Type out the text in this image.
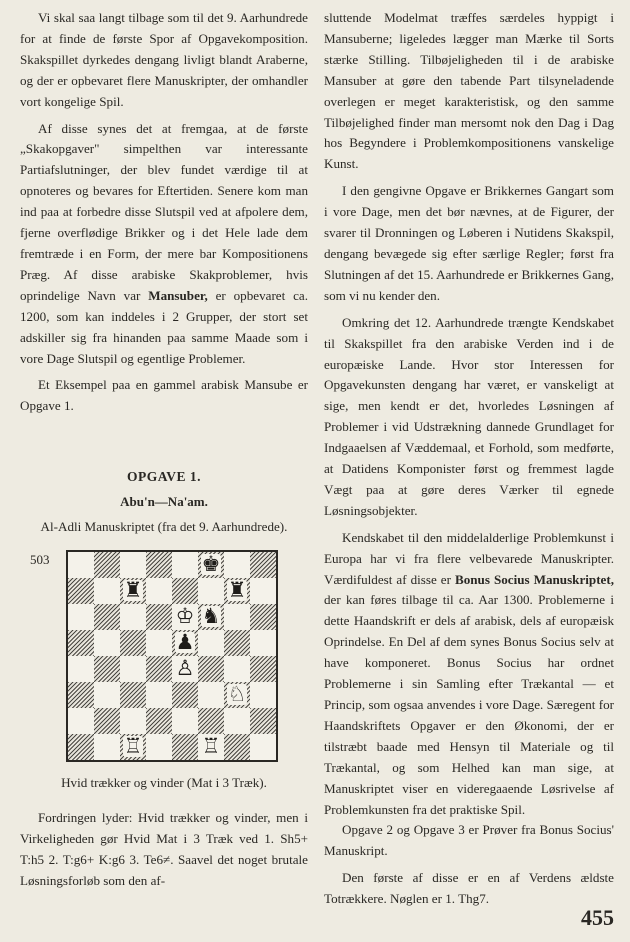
Vi skal saa langt tilbage som til det 9. Aarhundrede for at finde de første Spor af Opgavekomposition. Skakspillet dyrkedes dengang livligt blandt Araberne, og der er opbevaret flere Manuskripter, der omhandler vort kongelige Spil.

Af disse synes det at fremgaa, at de første „Skakopgaver" simpelthen var interessante Partiafslutninger, der blev fundet værdige til at opnoteres og bevares for Eftertiden. Senere kom man ind paa at forbedre disse Slutspil ved at afpolere dem, fjerne overflødige Brikker og i det Hele lade dem fremtræde i en Form, der mere bar Kompositionens Præg. Af disse arabiske Skakproblemer, hvis oprindelige Navn var Mansuber, er opbevaret ca. 1200, som kan inddeles i 2 Grupper, der stort set adskiller sig fra hinanden paa samme Maade som i vore Dage Slutspil og egentlige Problemer.

Et Eksempel paa en gammel arabisk Mansube er Opgave 1.

OPGAVE 1.
Abu'n—Na'am.
Al-Adli Manuskriptet (fra det 9. Aarhundrede).
503	♚
♜	♜
♔ ♞
♟
♙
♘
♖	♖

Hvid trækker og vinder (Mat i 3 Træk).

Fordringen lyder: Hvid trækker og vinder, men i Virkeligheden gør Hvid Mat i 3 Træk ved 1. Sh5+ T:h5 2. T:g6+ K:g6 3. Te6≠. Saavel det noget brutale Løsningsforløb som den af-

sluttende Modelmat træffes særdeles hyppigt i Mansuberne; ligeledes lægger man Mærke til Sorts stærke Stilling. Tilbøjeligheden til i de arabiske Mansuber at gøre den tabende Part tilsyneladende overlegen er meget karakteristisk, og den samme Tilbøjelighed finder man mersomt nok den Dag i Dag hos Begyndere i Problemkompositionens vanskelige Kunst.

I den gengivne Opgave er Brikkernes Gangart som i vore Dage, men det bør nævnes, at de Figurer, der svarer til Dronningen og Løberen i Nutidens Skakspil, dengang bevægede sig efter særlige Regler; først fra Slutningen af det 15. Aarhundrede er Brikkernes Gang, som vi nu kender den.

Omkring det 12. Aarhundrede trængte Kendskabet til Skakspillet fra den arabiske Verden ind i de europæiske Lande. Hvor stor Interessen for Opgavekunsten dengang har været, er vanskeligt at sige, men kendt er det, hvorledes Løsningen af Problemer i vid Udstrækning dannede Grundlaget for Indgaaelsen af Væddemaal, et Forhold, som medførte, at Datidens Komponister først og fremmest lagde Vægt paa at gøre deres Værker til egnede Løsningsobjekter.

Kendskabet til den middelalderlige Problemkunst i Europa har vi fra flere velbevarede Manuskripter. Værdifuldest af disse er Bonus Socius Manuskriptet, der kan føres tilbage til ca. Aar 1300. Problemerne i dette Haandskrift er dels af arabisk, dels af europæisk Oprindelse. En Del af dem synes Bonus Socius selv at have komponeret. Bonus Socius har ordnet Problemerne i sin Samling efter Trækantal — et Princip, som ogsaa anvendes i vore Dage. Særegent for Haandskriftets Opgaver er den Økonomi, der er tilstræbt baade med Hensyn til Materiale og til Trækantal, og som Helhed kan man sige, at Manuskriptet viser en videregaaende Løsrivelse af Problemkunsten fra det praktiske Spil.

Opgave 2 og Opgave 3 er Prøver fra Bonus Socius' Manuskript.

Den første af disse er en af Verdens ældste Totrækkere. Nøglen er 1. Thg7.

455
